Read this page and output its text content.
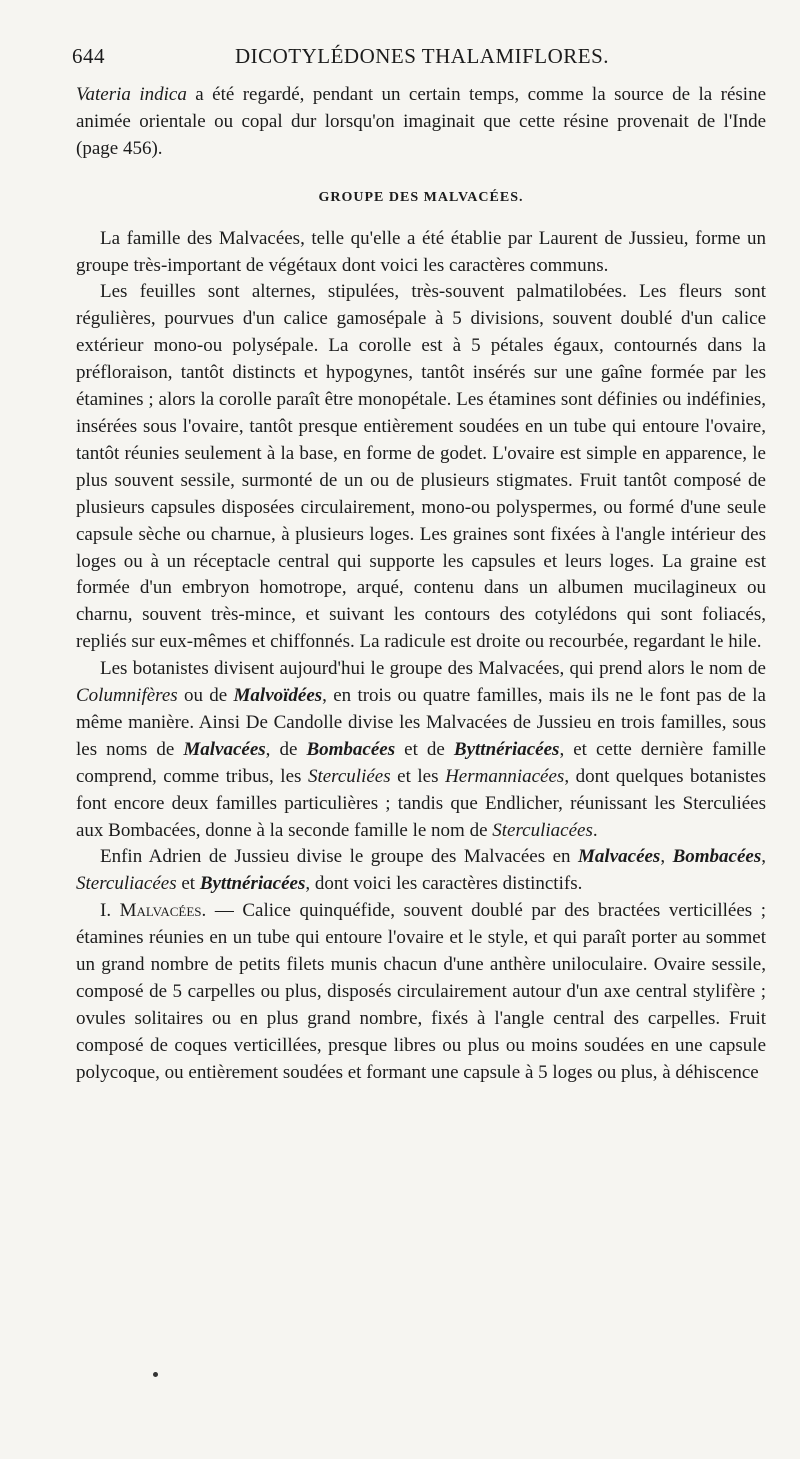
644	DICOTYLÉDONES THALAMIFLORES.

Vateria indica a été regardé, pendant un certain temps, comme la source de la résine animée orientale ou copal dur lorsqu'on imaginait que cette résine provenait de l'Inde (page 456).

GROUPE DES MALVACÉES.

La famille des Malvacées, telle qu'elle a été établie par Laurent de Jussieu, forme un groupe très-important de végétaux dont voici les caractères communs.

Les feuilles sont alternes, stipulées, très-souvent palmatilobées. Les fleurs sont régulières, pourvues d'un calice gamosépale à 5 divisions, souvent doublé d'un calice extérieur mono-ou polysépale. La corolle est à 5 pétales égaux, contournés dans la préfloraison, tantôt distincts et hypogynes, tantôt insérés sur une gaîne formée par les étamines ; alors la corolle paraît être monopétale. Les étamines sont définies ou indéfinies, insérées sous l'ovaire, tantôt presque entièrement soudées en un tube qui entoure l'ovaire, tantôt réunies seulement à la base, en forme de godet. L'ovaire est simple en apparence, le plus souvent sessile, surmonté de un ou de plusieurs stigmates. Fruit tantôt composé de plusieurs capsules disposées circulairement, mono-ou polyspermes, ou formé d'une seule capsule sèche ou charnue, à plusieurs loges. Les graines sont fixées à l'angle intérieur des loges ou à un réceptacle central qui supporte les capsules et leurs loges. La graine est formée d'un embryon homotrope, arqué, contenu dans un albumen mucilagineux ou charnu, souvent très-mince, et suivant les contours des cotylédons qui sont foliacés, repliés sur eux-mêmes et chiffonnés. La radicule est droite ou recourbée, regardant le hile.

Les botanistes divisent aujourd'hui le groupe des Malvacées, qui prend alors le nom de Columnifères ou de Malvoïdées, en trois ou quatre familles, mais ils ne le font pas de la même manière. Ainsi De Candolle divise les Malvacées de Jussieu en trois familles, sous les noms de Malvacées, de Bombacées et de Byttnériacées, et cette dernière famille comprend, comme tribus, les Sterculiées et les Hermanniacées, dont quelques botanistes font encore deux familles particulières ; tandis que Endlicher, réunissant les Sterculiées aux Bombacées, donne à la seconde famille le nom de Sterculiacées.

Enfin Adrien de Jussieu divise le groupe des Malvacées en Malvacées, Bombacées, Sterculiacées et Byttnériacées, dont voici les caractères distinctifs.

I. Malvacées. — Calice quinquéfide, souvent doublé par des bractées verticillées ; étamines réunies en un tube qui entoure l'ovaire et le style, et qui paraît porter au sommet un grand nombre de petits filets munis chacun d'une anthère uniloculaire. Ovaire sessile, composé de 5 carpelles ou plus, disposés circulairement autour d'un axe central stylifère ; ovules solitaires ou en plus grand nombre, fixés à l'angle central des carpelles. Fruit composé de coques verticillées, presque libres ou plus ou moins soudées en une capsule polycoque, ou entièrement soudées et formant une capsule à 5 loges ou plus, à déhiscence
